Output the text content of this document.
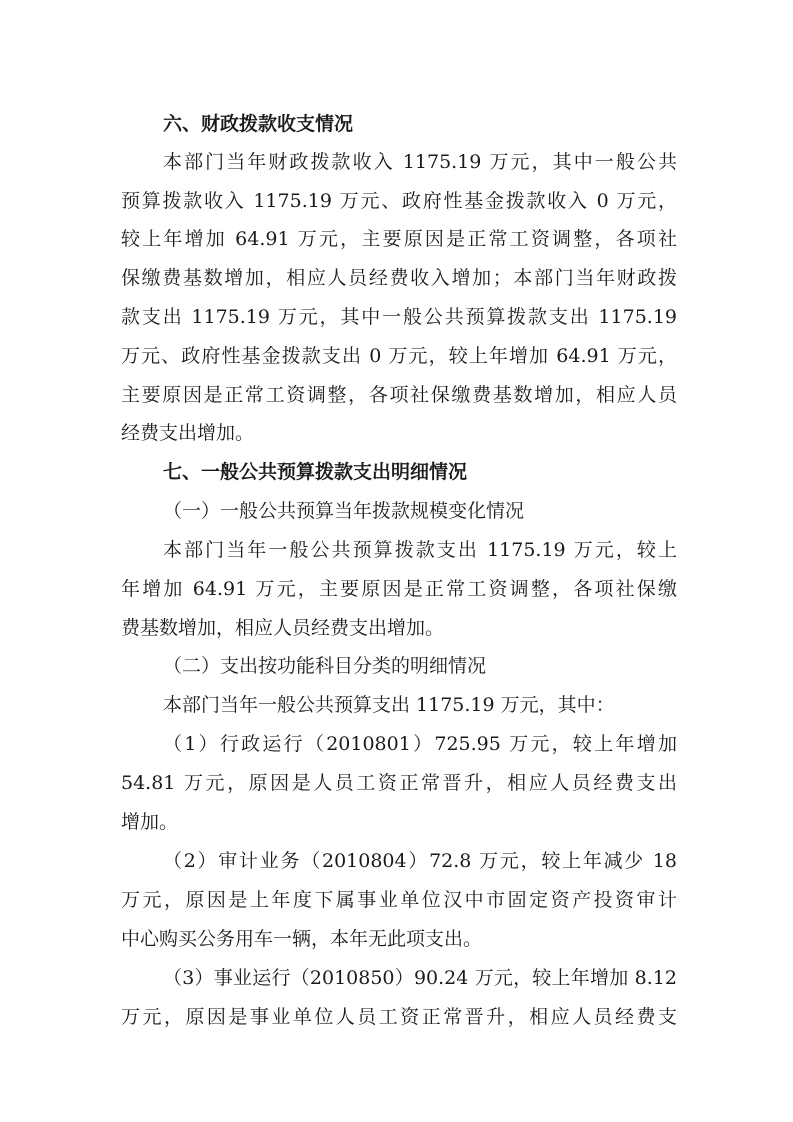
六、财政拨款收支情况
本部门当年财政拨款收入 1175.19 万元，其中一般公共
预算拨款收入 1175.19 万元、政府性基金拨款收入 0 万元，
较上年增加 64.91 万元，主要原因是正常工资调整，各项社
保缴费基数增加，相应人员经费收入增加；本部门当年财政拨
款支出 1175.19 万元，其中一般公共预算拨款支出 1175.19
万元、政府性基金拨款支出 0 万元，较上年增加 64.91 万元，
主要原因是正常工资调整，各项社保缴费基数增加，相应人员
经费支出增加。
七、一般公共预算拨款支出明细情况
（一）一般公共预算当年拨款规模变化情况
本部门当年一般公共预算拨款支出 1175.19 万元，较上
年增加 64.91 万元，主要原因是正常工资调整，各项社保缴
费基数增加，相应人员经费支出增加。
（二）支出按功能科目分类的明细情况
本部门当年一般公共预算支出 1175.19 万元，其中：
（1）行政运行（2010801）725.95 万元，较上年增加
54.81 万元，原因是人员工资正常晋升，相应人员经费支出
增加。
（2）审计业务（2010804）72.8 万元，较上年减少 18
万元，原因是上年度下属事业单位汉中市固定资产投资审计
中心购买公务用车一辆，本年无此项支出。
（3）事业运行（2010850）90.24 万元，较上年增加 8.12
万元，原因是事业单位人员工资正常晋升，相应人员经费支
